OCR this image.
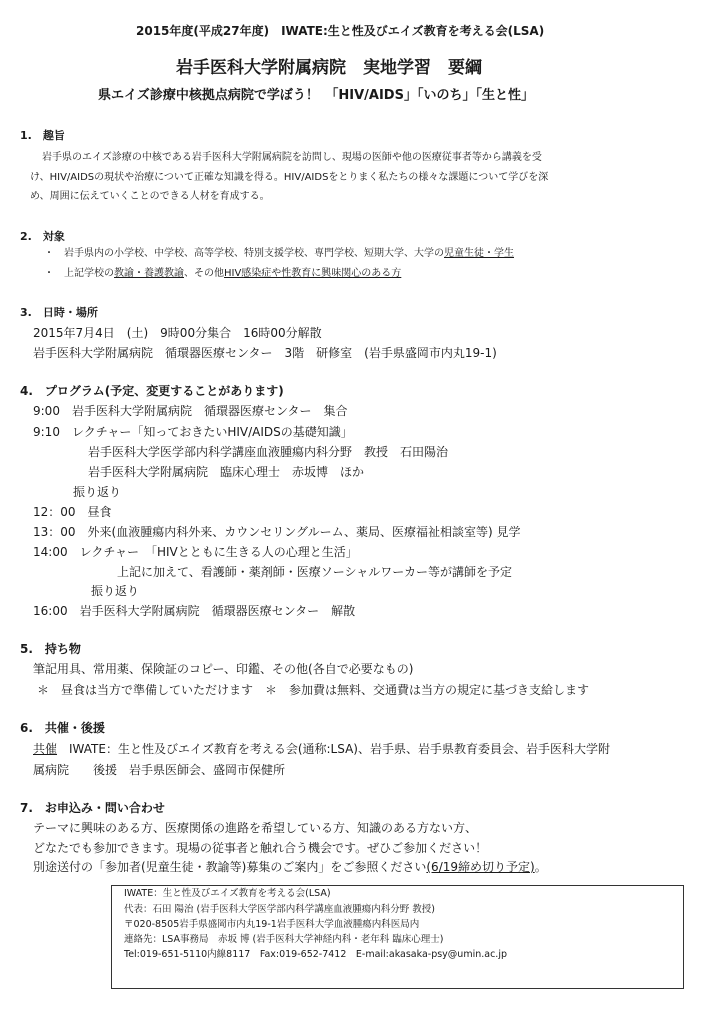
2015年度(平成27年度)　IWATE:生と性及びエイズ教育を考える会(LSA)
岩手医科大学附属病院　実地学習　要綱
県エイズ診療中核拠点病院で学ぼう！　「HIV/AIDS」「いのち」「生と性」
1.　趣旨
岩手県のエイズ診療の中核である岩手医科大学附属病院を訪問し、現場の医師や他の医療従事者等から講義を受
け、HIV/AIDSの現状や治療について正確な知識を得る。HIV/AIDSをとりまく私たちの様々な課題について学びを深
め、周囲に伝えていくことのできる人材を育成する。
2.　対象
・　岩手県内の小学校、中学校、高等学校、特別支援学校、専門学校、短期大学、大学の児童生徒・学生
・　上記学校の教諭・養護教諭、その他HIV感染症や性教育に興味関心のある方
3.　日時・場所
2015年7月4日　(土)　9時00分集合　16時00分解散
岩手医科大学附属病院　循環器医療センター　3階　研修室　(岩手県盛岡市内丸19-1)
4.　プログラム(予定、変更することがあります)
9:00　岩手医科大学附属病院　循環器医療センター　集合
9:10　レクチャー「知っておきたいHIV/AIDSの基礎知識」
岩手医科大学医学部内科学講座血液腫瘍内科分野　教授　石田陽治
岩手医科大学附属病院　臨床心理士　赤坂博　ほか
振り返り
12：00　昼食
13：00　外来(血液腫瘍内科外来、カウンセリングルーム、薬局、医療福祉相談室等) 見学
14:00　レクチャー　「HIVとともに生きる人の心理と生活」
上記に加えて、看護師・薬剤師・医療ソーシャルワーカー等が講師を予定
振り返り
16:00　岩手医科大学附属病院　循環器医療センター　解散
5.　持ち物
筆記用具、常用薬、保険証のコピー、印鑑、その他(各自で必要なもの)
＊　昼食は当方で準備していただけます　＊　参加費は無料、交通費は当方の規定に基づき支給します
6.　共催・後援
共催　IWATE：生と性及びエイズ教育を考える会(通称:LSA)、岩手県、岩手県教育委員会、岩手医科大学附
属病院　　後援　岩手県医師会、盛岡市保健所
7.　お申込み・問い合わせ
テーマに興味のある方、医療関係の進路を希望している方、知識のある方ない方、
どなたでも参加できます。現場の従事者と触れ合う機会です。ぜひご参加ください！
別途送付の「参加者(児童生徒・教諭等)募集のご案内」をご参照ください(6/19締め切り予定)。
IWATE：生と性及びエイズ教育を考える会(LSA)
代表：石田 陽治 (岩手医科大学医学部内科学講座血液腫瘍内科分野 教授)
〒020-8505岩手県盛岡市内丸19-1岩手医科大学血液腫瘍内科医局内
連絡先：LSA事務局　赤坂 博 (岩手医科大学神経内科・老年科 臨床心理士)
Tel:019-651-5110内線8117　Fax:019-652-7412　E-mail:akasaka-psy@umin.ac.jp
